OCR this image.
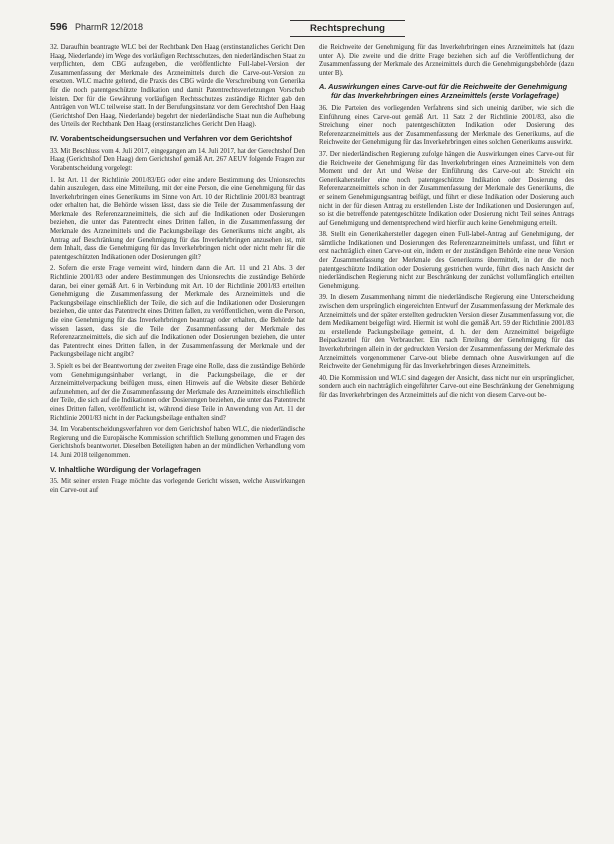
596 PharmR 12/2018	Rechtsprechung

32. Daraufhin beantragte WLC bei der Rechtbank Den Haag (erstinstanzliches Gericht Den Haag, Niederlande) im Wege des vorläufigen Rechtsschutzes, den niederländischen Staat zu verpflichten, dem CBG aufzugeben, die veröffentlichte Full-label-Version der Zusammenfassung der Merkmale des Arzneimittels durch die Carve-out-Version zu ersetzen. WLC machte geltend, die Praxis des CBG würde die Verschreibung von Generika für die noch patentgeschützte Indikation und damit Patentrechtsverletzungen Vorschub leisten. Der für die Gewährung vorläufigen Rechtsschutzes zuständige Richter gab den Anträgen von WLC teilweise statt. In der Berufungsinstanz vor dem Gerechtshof Den Haag (Gerichtshof Den Haag, Niederlande) begehrt der niederländische Staat nun die Aufhebung des Urteils der Rechtbank Den Haag (erstinstanzliches Gericht Den Haag).

IV. Vorabentscheidungsersuchen und Verfahren vor dem Gerichtshof

33. Mit Beschluss vom 4. Juli 2017, eingegangen am 14. Juli 2017, hat der Gerechtshof Den Haag (Gerichtshof Den Haag) dem Gerichtshof gemäß Art. 267 AEUV folgende Fragen zur Vorabentscheidung vorgelegt:

1. Ist Art. 11 der Richtlinie 2001/83/EG oder eine andere Bestimmung des Unionsrechts dahin auszulegen, dass eine Mitteilung, mit der eine Person, die eine Genehmigung für das Inverkehrbringen eines Generikums im Sinne von Art. 10 der Richtlinie 2001/83 beantragt oder erhalten hat, die Behörde wissen lässt, dass sie die Teile der Zusammenfassung der Merkmale des Referenzarzneimittels, die sich auf die Indikationen oder Dosierungen beziehen, die unter das Patentrecht eines Dritten fallen, in die Zusammenfassung der Merkmale des Arzneimittels und die Packungsbeilage des Generikums nicht angibt, als Antrag auf Beschränkung der Genehmigung für das Inverkehrbringen anzusehen ist, mit dem Inhalt, dass die Genehmigung für das Inverkehrbringen nicht oder nicht mehr für die patentgeschützten Indikationen oder Dosierungen gilt?

2. Sofern die erste Frage verneint wird, hindern dann die Art. 11 und 21 Abs. 3 der Richtlinie 2001/83 oder andere Bestimmungen des Unionsrechts die zuständige Behörde daran, bei einer gemäß Art. 6 in Verbindung mit Art. 10 der Richtlinie 2001/83 erteilten Genehmigung die Zusammenfassung der Merkmale des Arzneimittels und die Packungsbeilage einschließlich der Teile, die sich auf die Indikationen oder Dosierungen beziehen, die unter das Patentrecht eines Dritten fallen, zu veröffentlichen, wenn die Person, die eine Genehmigung für das Inverkehrbringen beantragt oder erhalten, die Behörde hat wissen lassen, dass sie die Teile der Zusammenfassung der Merkmale des Referenzarzneimittels, die sich auf die Indikationen oder Dosierungen beziehen, die unter das Patentrecht eines Dritten fallen, in der Zusammenfassung der Merkmale und der Packungsbeilage nicht angibt?

3. Spielt es bei der Beantwortung der zweiten Frage eine Rolle, dass die zuständige Behörde vom Genehmigungsinhaber verlangt, in die Packungsbeilage, die er der Arzneimittelverpackung beifügen muss, einen Hinweis auf die Website dieser Behörde aufzunehmen, auf der die Zusammenfassung der Merkmale des Arzneimittels einschließlich der Teile, die sich auf die Indikationen oder Dosierungen beziehen, die unter das Patentrecht eines Dritten fallen, veröffentlicht ist, während diese Teile in Anwendung von Art. 11 der Richtlinie 2001/83 nicht in der Packungsbeilage enthalten sind?

34. Im Vorabentscheidungsverfahren vor dem Gerichtshof haben WLC, die niederländische Regierung und die Europäische Kommission schriftlich Stellung genommen und Fragen des Gerichtshofs beantwortet. Dieselben Beteiligten haben an der mündlichen Verhandlung vom 14. Juni 2018 teilgenommen.

V. Inhaltliche Würdigung der Vorlagefragen

35. Mit seiner ersten Frage möchte das vorlegende Gericht wissen, welche Auswirkungen ein Carve-out auf

die Reichweite der Genehmigung für das Inverkehrbringen eines Arzneimittels hat (dazu unter A). Die zweite und die dritte Frage beziehen sich auf die Veröffentlichung der Zusammenfassung der Merkmale des Arzneimittels durch die Genehmigungsbehörde (dazu unter B).

A. Auswirkungen eines Carve-out für die Reichweite der Genehmigung für das Inverkehrbringen eines Arzneimittels (erste Vorlagefrage)

36. Die Parteien des vorliegenden Verfahrens sind sich uneinig darüber, wie sich die Einführung eines Carve-out gemäß Art. 11 Satz 2 der Richtlinie 2001/83, also die Streichung einer noch patentgeschützten Indikation oder Dosierung des Referenzarzneimittels aus der Zusammenfassung der Merkmale des Generikums, auf die Reichweite der Genehmigung für das Inverkehrbringen eines solchen Generikums auswirkt.

37. Der niederländischen Regierung zufolge hängen die Auswirkungen eines Carve-out für die Reichweite der Genehmigung für das Inverkehrbringen eines Arzneimittels von dem Moment und der Art und Weise der Einführung des Carve-out ab: Streicht ein Generikahersteller eine noch patentgeschützte Indikation oder Dosierung des Referenzarzneimittels schon in der Zusammenfassung der Merkmale des Generikums, die er seinem Genehmigungsantrag beifügt, und führt er diese Indikation oder Dosierung auch nicht in der für diesen Antrag zu erstellenden Liste der Indikationen und Dosierungen auf, so ist die betreffende patentgeschützte Indikation oder Dosierung nicht Teil seines Antrags auf Genehmigung und dementsprechend wird hierfür auch keine Genehmigung erteilt.

38. Stellt ein Generikahersteller dagegen einen Full-label-Antrag auf Genehmigung, der sämtliche Indikationen und Dosierungen des Referenzarzneimittels umfasst, und führt er erst nachträglich einen Carve-out ein, indem er der zuständigen Behörde eine neue Version der Zusammenfassung der Merkmale des Generikums übermittelt, in der die noch patentgeschützte Indikation oder Dosierung gestrichen wurde, führt dies nach Ansicht der niederländischen Regierung nicht zur Beschränkung der zunächst vollumfänglich erteilten Genehmigung.

39. In diesem Zusammenhang nimmt die niederländische Regierung eine Unterscheidung zwischen dem ursprünglich eingereichten Entwurf der Zusammenfassung der Merkmale des Arzneimittels und der später erstellten gedruckten Version dieser Zusammenfassung vor, die dem Medikament beigefügt wird. Hiermit ist wohl die gemäß Art. 59 der Richtlinie 2001/83 zu erstellende Packungsbeilage gemeint, d. h. der dem Arzneimittel beigefügte Beipackzettel für den Verbraucher. Ein nach Erteilung der Genehmigung für das Inverkehrbringen allein in der gedruckten Version der Zusammenfassung der Merkmale des Arzneimittels vorgenommener Carve-out bliebe demnach ohne Auswirkungen auf die Reichweite der Genehmigung für das Inverkehrbringen dieses Arzneimittels.

40. Die Kommission und WLC sind dagegen der Ansicht, dass nicht nur ein ursprünglicher, sondern auch ein nachträglich eingeführter Carve-out eine Beschränkung der Genehmigung für das Inverkehrbringen des Arzneimittels auf die nicht von diesem Carve-out be-
